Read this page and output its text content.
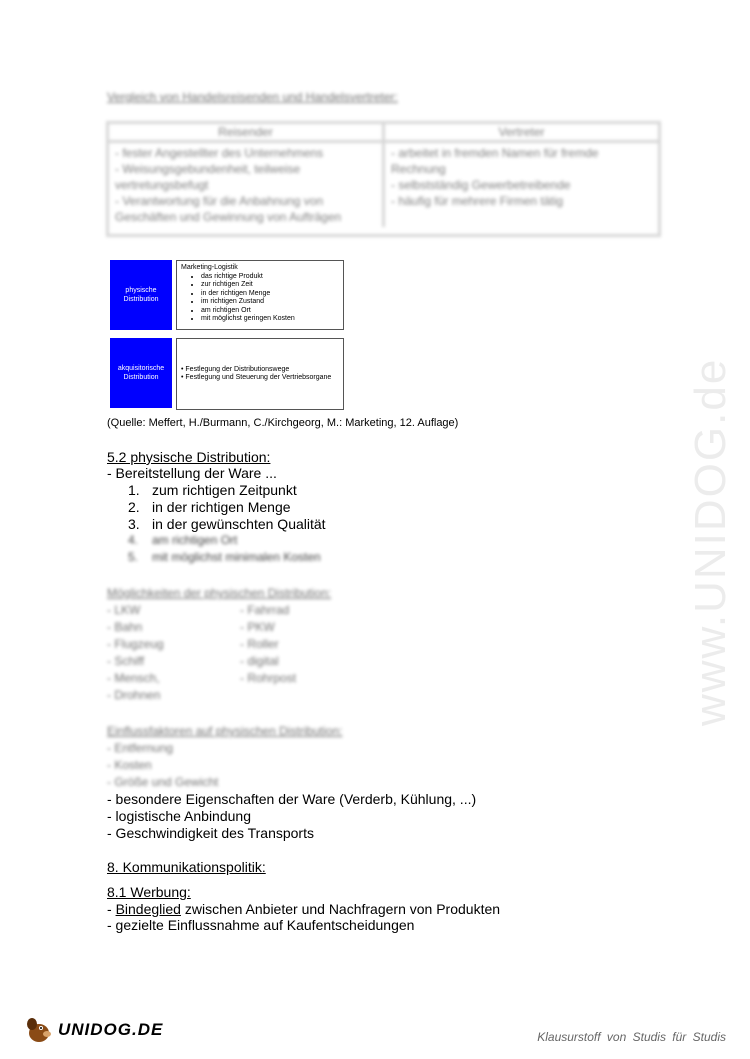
Vergleich von Handelsreisenden und Handelsvertreter:
Reisender	Vertreter
- fester Angestellter des Unternehmens
- Weisungsgebundenheit, teilweise vertretungsbefugt
- Verantwortung für die Anbahnung von Geschäften und Gewinnung von Aufträgen
- arbeitet in fremden Namen für fremde Rechnung
- selbstständig Gewerbetreibende
- häufig für mehrere Firmen tätig
physische Distribution
Marketing-Logistik
• das richtige Produkt
• zur richtigen Zeit
• in der richtigen Menge
• im richtigen Zustand
• am richtigen Ort
• mit möglichst geringen Kosten
akquisitorische Distribution
• Festlegung der Distributionswege
• Festlegung und Steuerung der Vertriebsorgane
(Quelle: Meffert, H./Burmann, C./Kirchgeorg, M.: Marketing, 12. Auflage)
5.2 physische Distribution:
- Bereitstellung der Ware ...
1. zum richtigen Zeitpunkt
2. in der richtigen Menge
3. in der gewünschten Qualität
4. am richtigen Ort
5. mit möglichst minimalen Kosten
Möglichkeiten der physischen Distribution:
- LKW
- Bahn
- Flugzeug
- Schiff
- Mensch,
- Drohnen
- Fahrrad
- PKW
- Roller
- digital
- Rohrpost
Einflussfaktoren auf physischen Distribution:
- Entfernung
- Kosten
- Größe und Gewicht
- besondere Eigenschaften der Ware (Verderb, Kühlung, ...)
- logistische Anbindung
- Geschwindigkeit des Transports
8. Kommunikationspolitik:
8.1 Werbung:
- Bindeglied zwischen Anbieter und Nachfragern von Produkten
- gezielte Einflussnahme auf Kaufentscheidungen
www.UNIDOG.de
UNIDOG.DE	Klausurstoff von Studis für Studis
